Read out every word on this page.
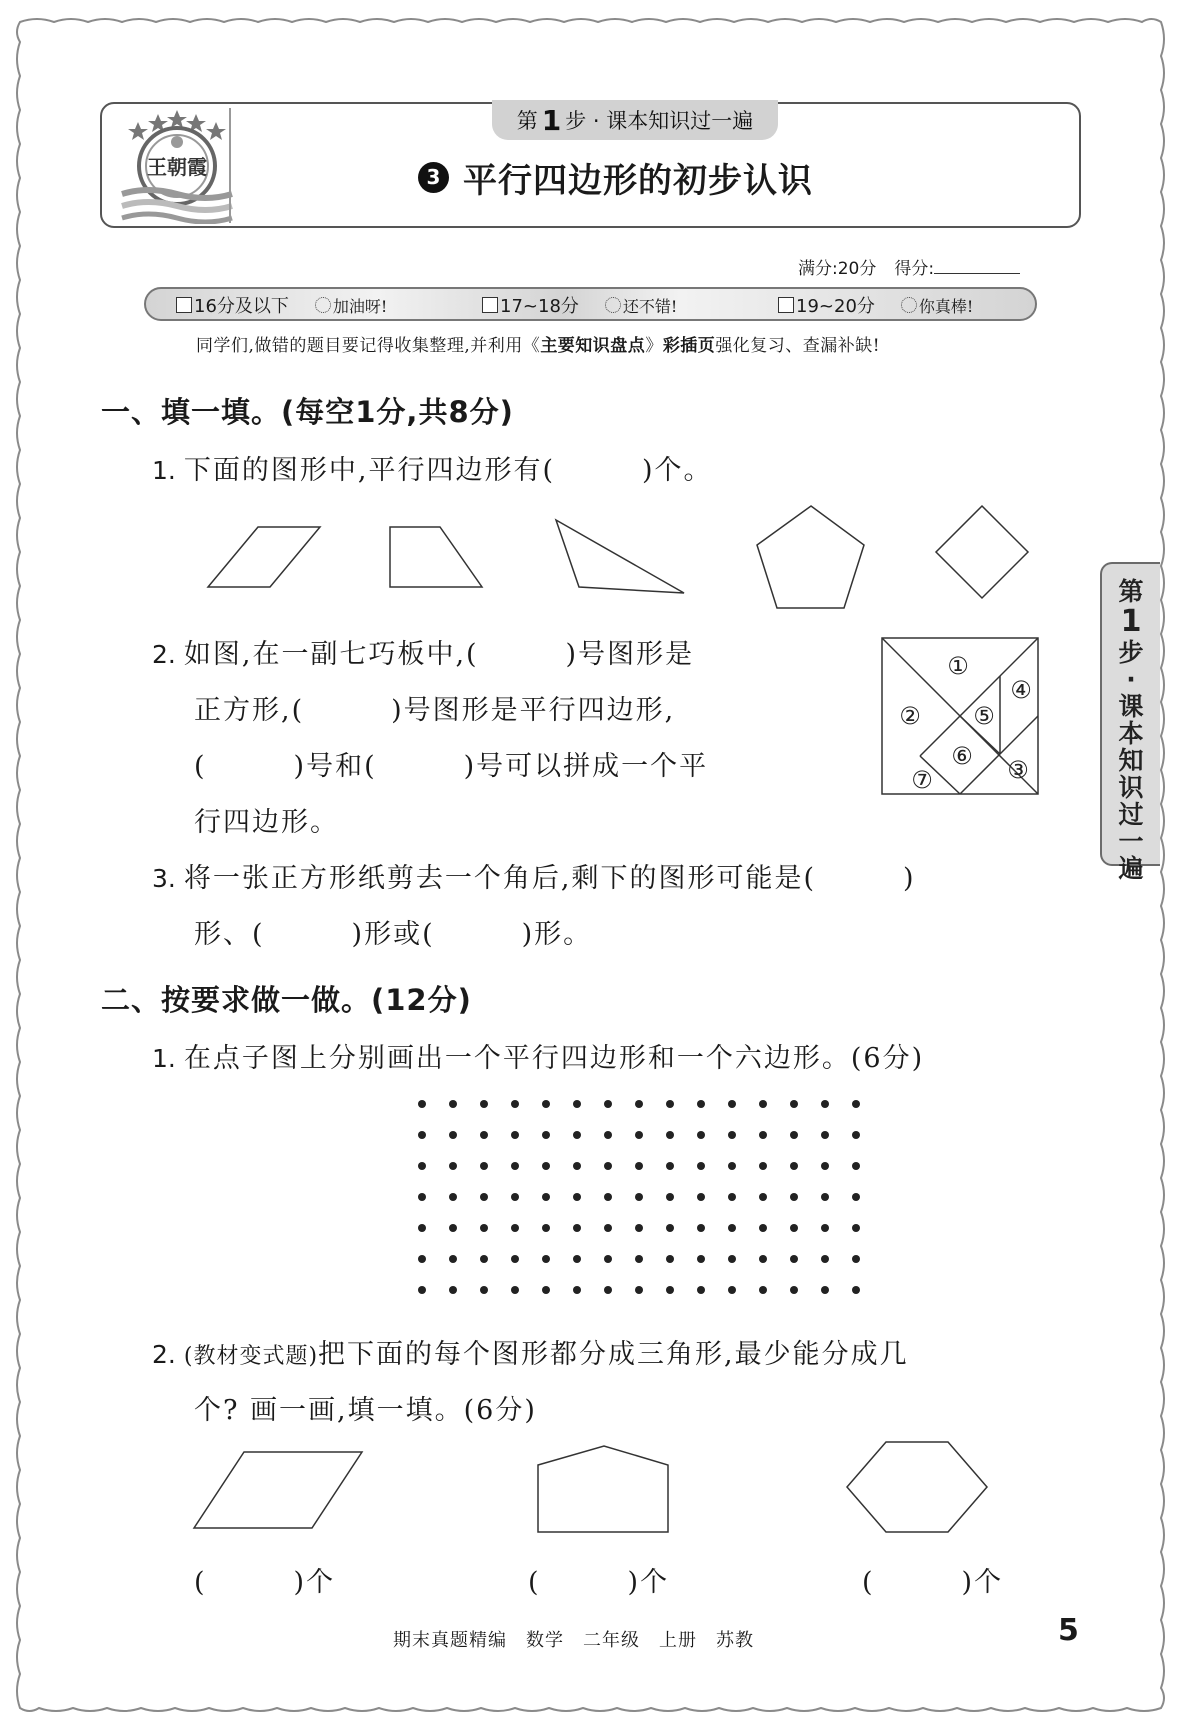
第
1
步
·
课
本
知
识
过
一
遍
王朝霞
第 1 步 · 课本知识过一遍
3 平行四边形的初步认识
满分:20分 得分:
16分及以下	加油呀!	17~18分	还不错!	19~20分	你真棒!
同学们,做错的题目要记得收集整理,并利用《主要知识盘点》彩插页强化复习、查漏补缺!
一、填一填。(每空1分,共8分)
1. 下面的图形中,平行四边形有(　　　)个。
2. 如图,在一副七巧板中,(　　　)号图形是
正方形,(　　　)号图形是平行四边形,
(　　　)号和(　　　)号可以拼成一个平
行四边形。
①
②
③
④
⑤
⑥
⑦
3. 将一张正方形纸剪去一个角后,剩下的图形可能是(　　　)
形、(　　　)形或(　　　)形。
二、按要求做一做。(12分)
1. 在点子图上分别画出一个平行四边形和一个六边形。(6分)
2. (教材变式题)把下面的每个图形都分成三角形,最少能分成几
个? 画一画,填一填。(6分)
(　　　)个	(　　　)个	(　　　)个
期末真题精编　数学　二年级　上册　苏教	5
